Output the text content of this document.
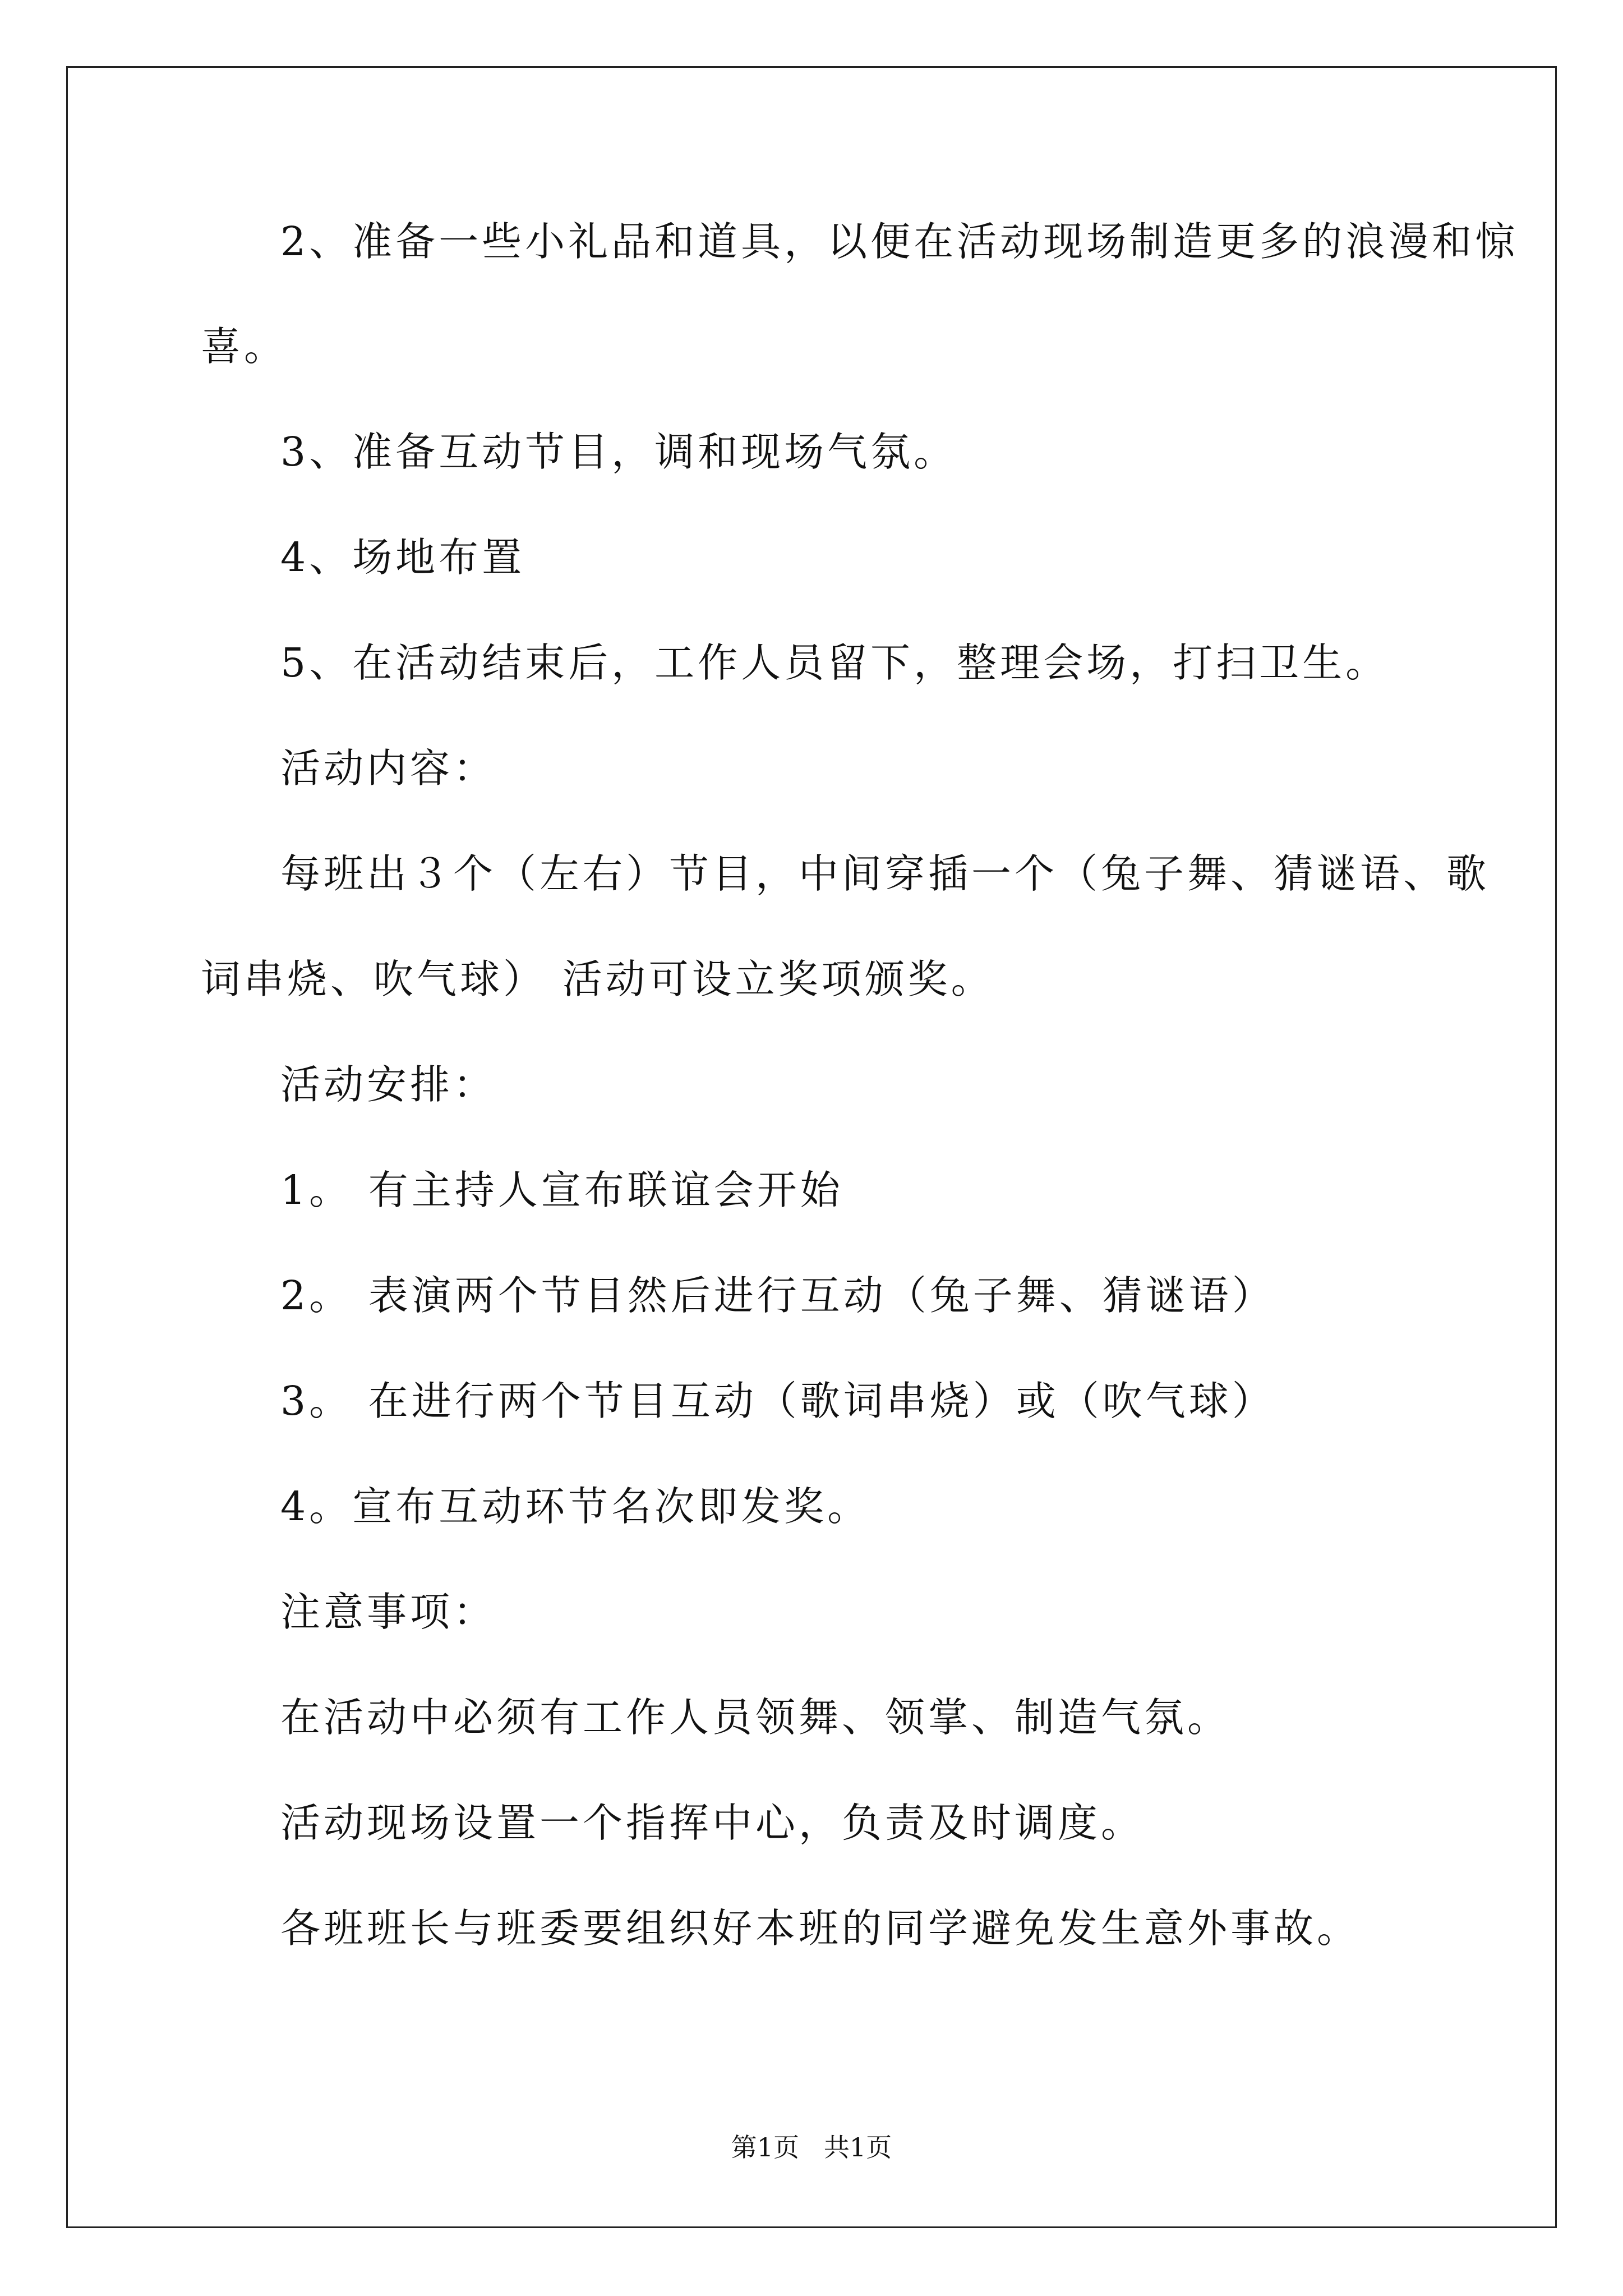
2、准备一些小礼品和道具，以便在活动现场制造更多的浪漫和惊

喜。

3、准备互动节目，调和现场气氛。

4、场地布置

5、在活动结束后，工作人员留下，整理会场，打扫卫生。

活动内容：

每班出３个（左右）节目，中间穿插一个（兔子舞、猜谜语、歌

词串烧、吹气球） 活动可设立奖项颁奖。

活动安排：

1。 有主持人宣布联谊会开始

2。 表演两个节目然后进行互动（兔子舞、猜谜语）

3。 在进行两个节目互动（歌词串烧）或（吹气球）

4。宣布互动环节名次即发奖。

注意事项：

在活动中必须有工作人员领舞、领掌、制造气氛。

活动现场设置一个指挥中心，负责及时调度。

各班班长与班委要组织好本班的同学避免发生意外事故。

第1页   共1页
